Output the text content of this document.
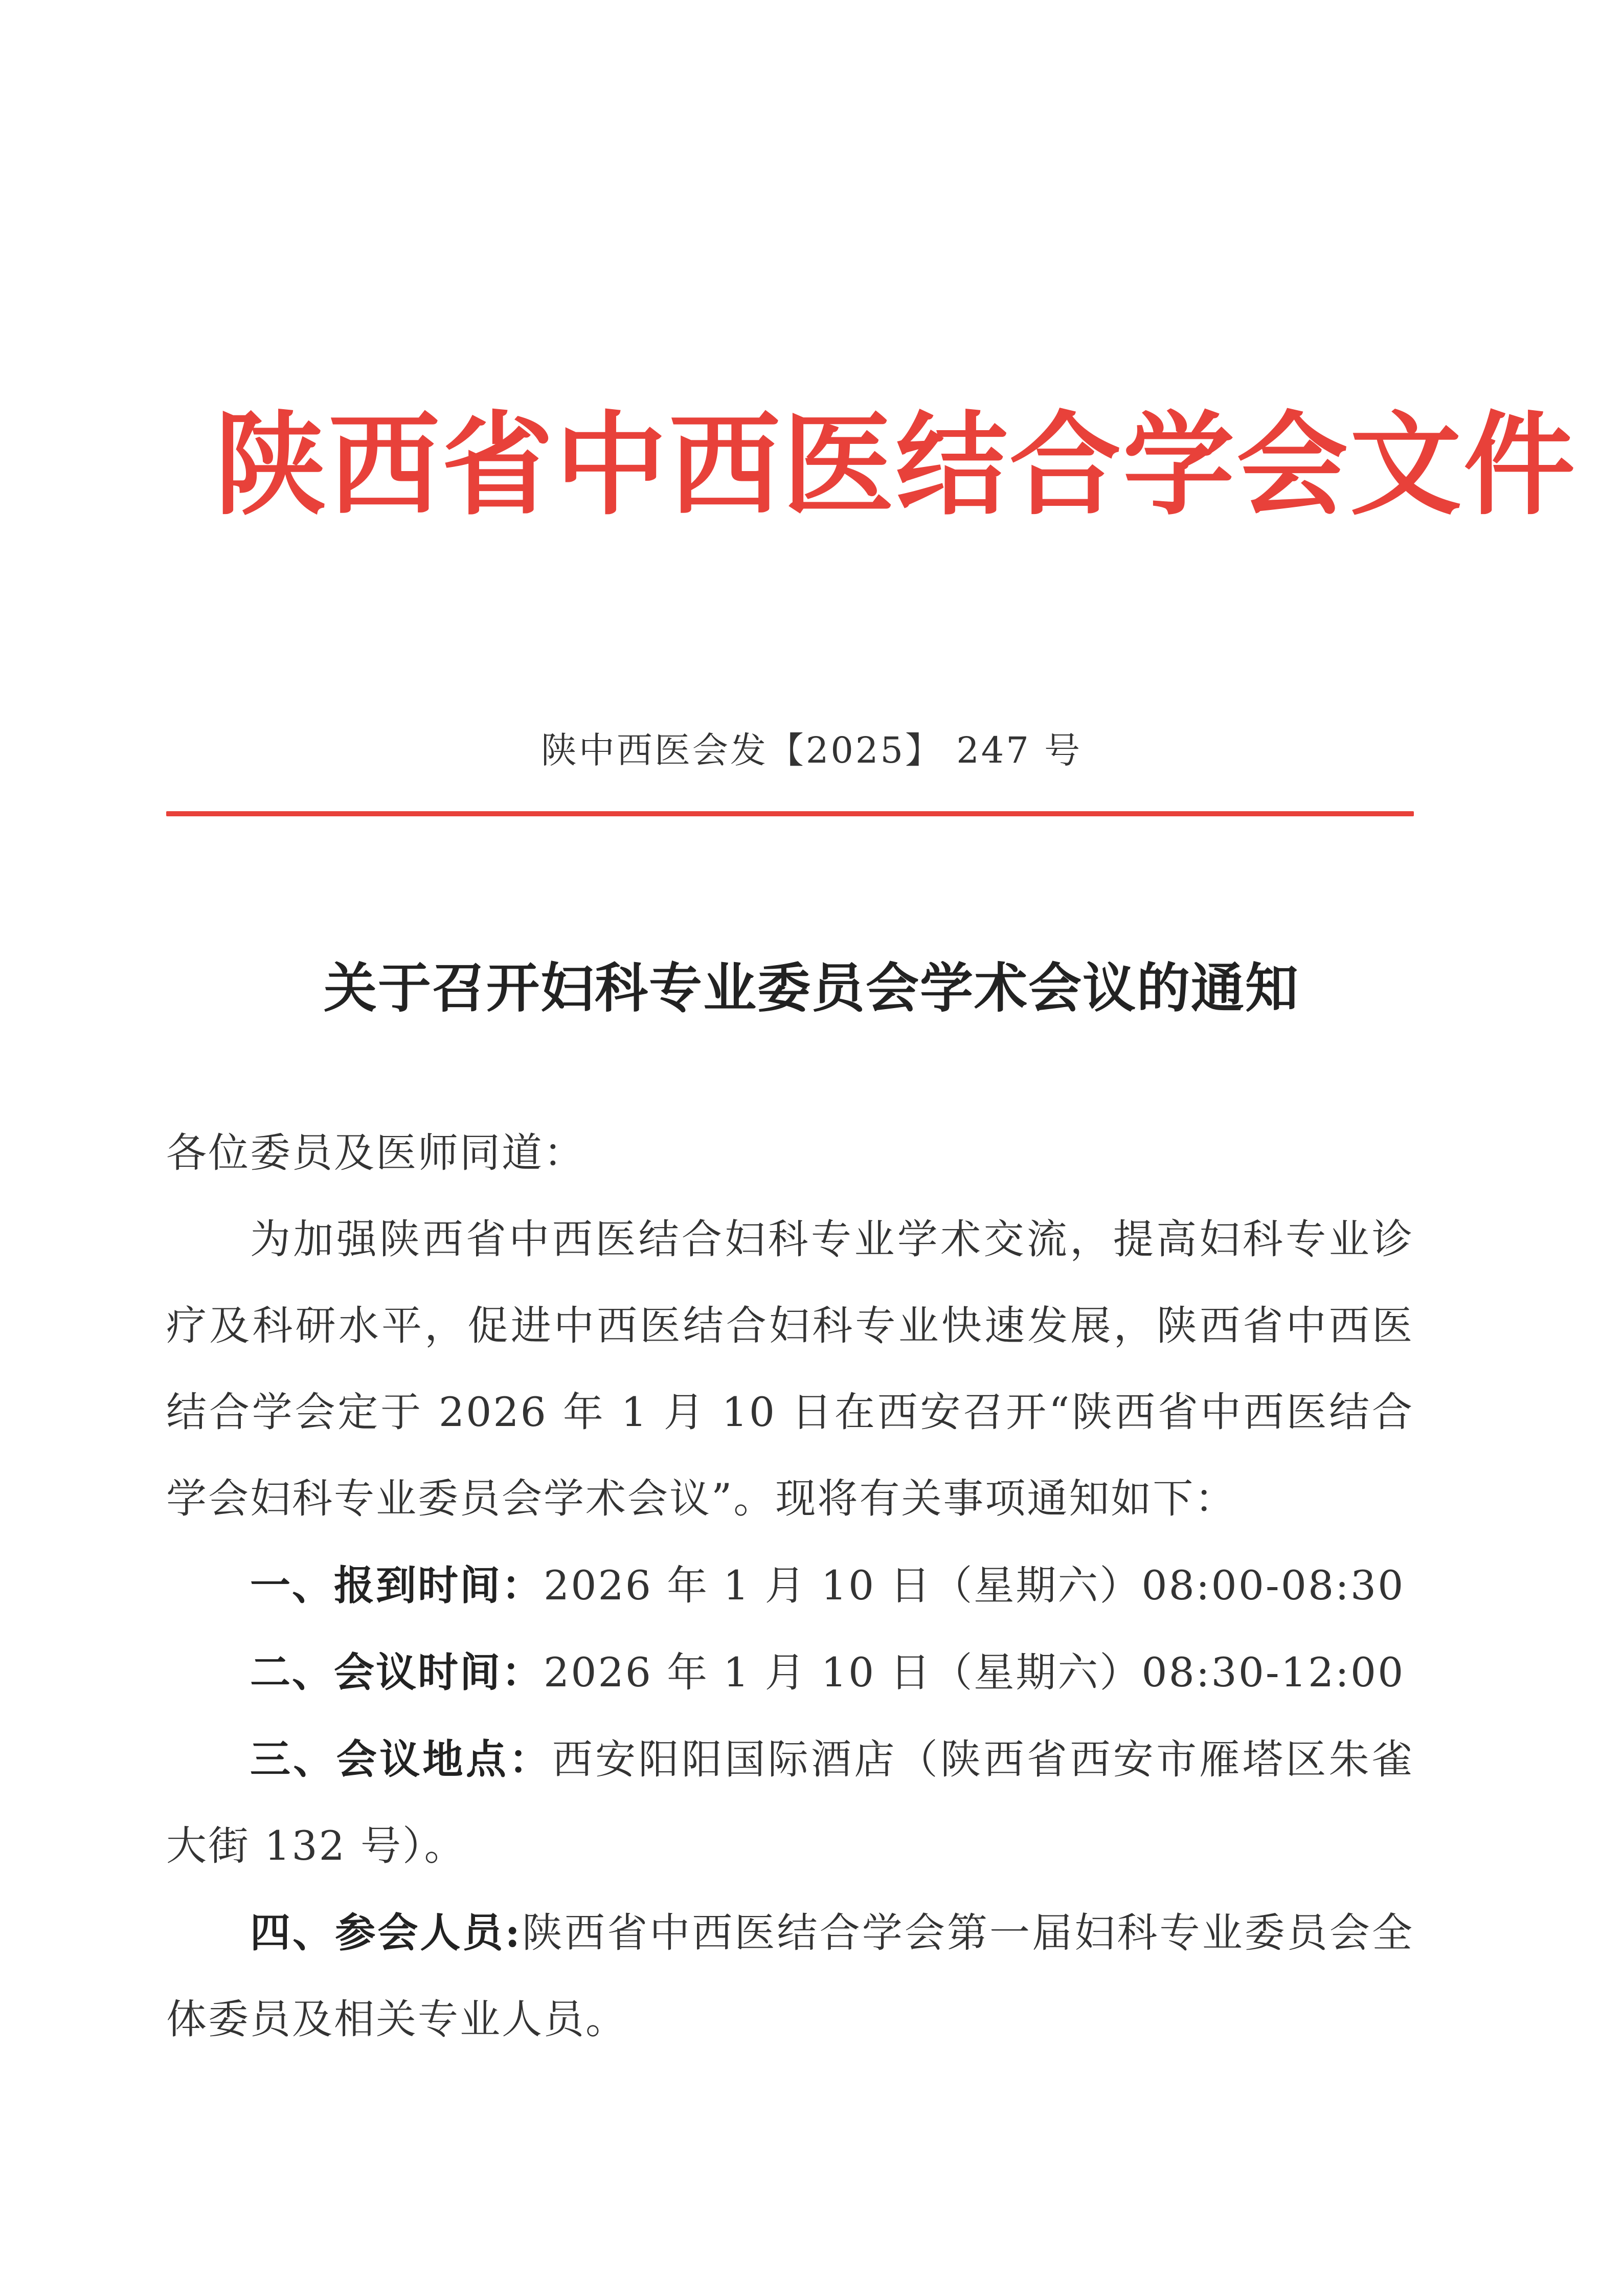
陕西省中西医结合学会文件
陕中西医会发【2025】 247 号
关于召开妇科专业委员会学术会议的通知

各位委员及医师同道：

为加强陕西省中西医结合妇科专业学术交流，提高妇科专业诊疗及科研水平，促进中西医结合妇科专业快速发展，陕西省中西医结合学会定于 2026 年 1 月 10 日在西安召开“陕西省中西医结合学会妇科专业委员会学术会议”。现将有关事项通知如下：

一、报到时间：2026 年 1 月 10 日（星期六）08:00-08:30

二、会议时间：2026 年 1 月 10 日（星期六）08:30-12:00

三、会议地点：西安阳阳国际酒店（陕西省西安市雁塔区朱雀大街 132 号）。

四、参会人员:陕西省中西医结合学会第一届妇科专业委员会全体委员及相关专业人员。
